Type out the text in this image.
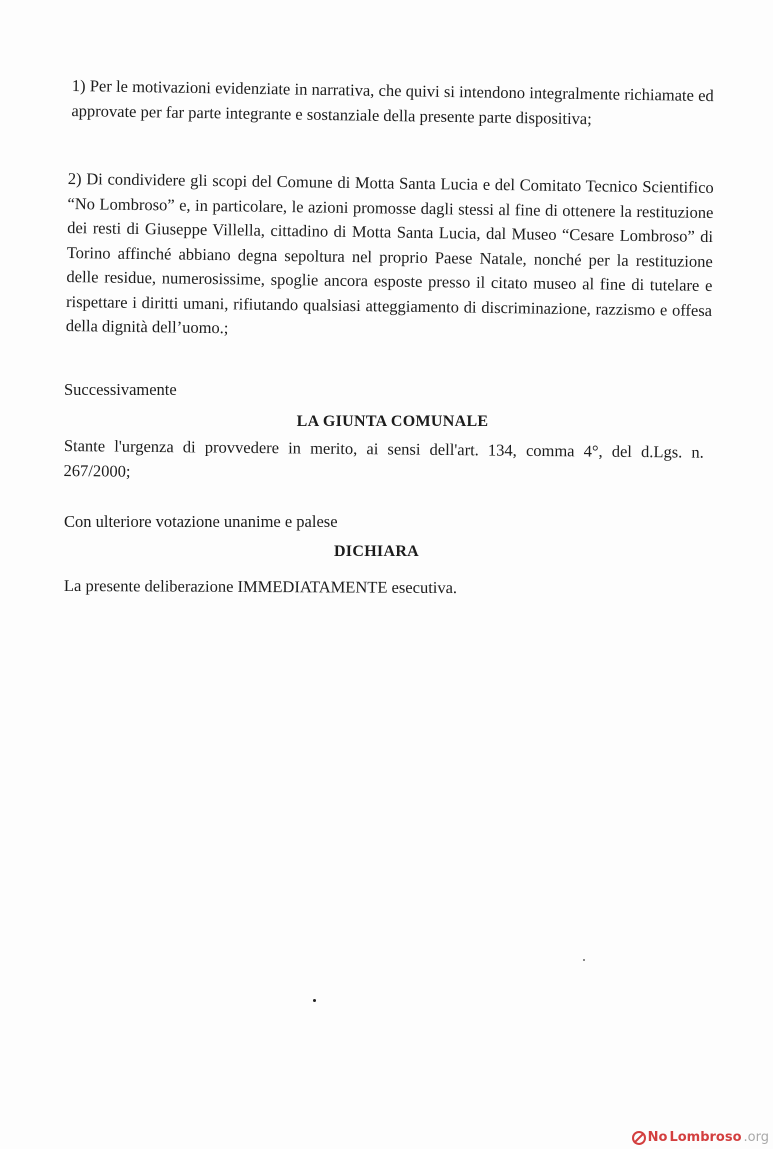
1) Per le motivazioni evidenziate in narrativa, che quivi si intendono integralmente richiamate ed approvate per far parte integrante e sostanziale della presente parte dispositiva;

2) Di condividere gli scopi del Comune di Motta Santa Lucia e del Comitato Tecnico Scientifico “No Lombroso” e, in particolare, le azioni promosse dagli stessi al fine di ottenere la restituzione dei resti di Giuseppe Villella, cittadino di Motta Santa Lucia, dal Museo “Cesare Lombroso” di Torino affinché abbiano degna sepoltura nel proprio Paese Natale, nonché per la restituzione delle residue, numerosissime, spoglie ancora esposte presso il citato museo al fine di tutelare e rispettare i diritti umani, rifiutando qualsiasi atteggiamento di discriminazione, razzismo e offesa della dignità dell’uomo.;

Successivamente

LA GIUNTA COMUNALE

Stante l'urgenza di provvedere in merito, ai sensi dell'art. 134, comma 4°, del d.Lgs. n. 267/2000;

Con ulteriore votazione unanime e palese

DICHIARA

La presente deliberazione IMMEDIATAMENTE esecutiva.

No Lombroso .org
